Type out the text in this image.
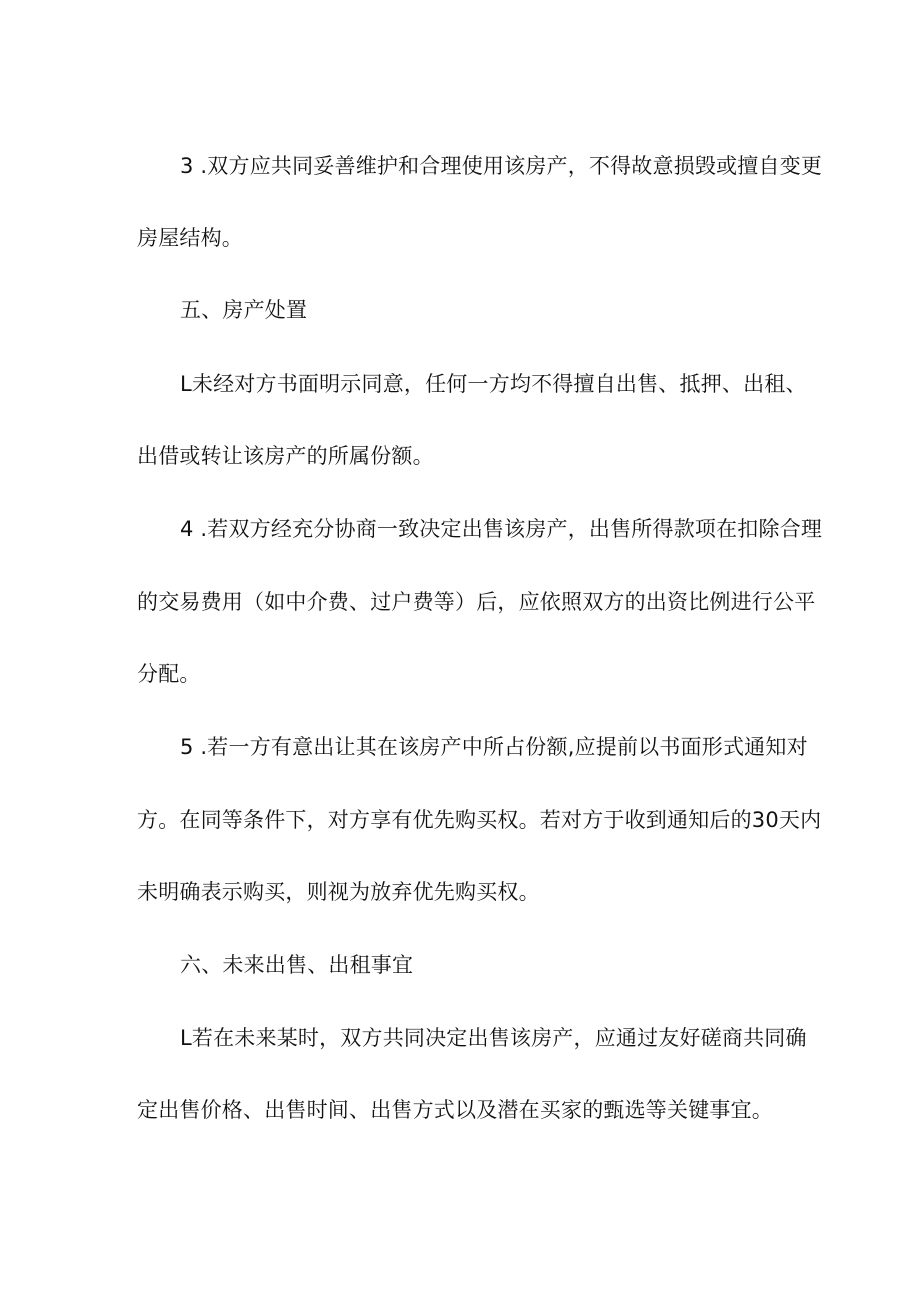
3 .双方应共同妥善维护和合理使用该房产，不得故意损毁或擅自变更
房屋结构。
五、房产处置
L未经对方书面明示同意，任何一方均不得擅自出售、抵押、出租、
出借或转让该房产的所属份额。
4 .若双方经充分协商一致决定出售该房产，出售所得款项在扣除合理
的交易费用（如中介费、过户费等）后，应依照双方的出资比例进行公平
分配。
5 .若一方有意出让其在该房产中所占份额,应提前以书面形式通知对
方。在同等条件下，对方享有优先购买权。若对方于收到通知后的30天内
未明确表示购买，则视为放弃优先购买权。
六、未来出售、出租事宜
L若在未来某时，双方共同决定出售该房产，应通过友好磋商共同确
定出售价格、出售时间、出售方式以及潜在买家的甄选等关键事宜。
